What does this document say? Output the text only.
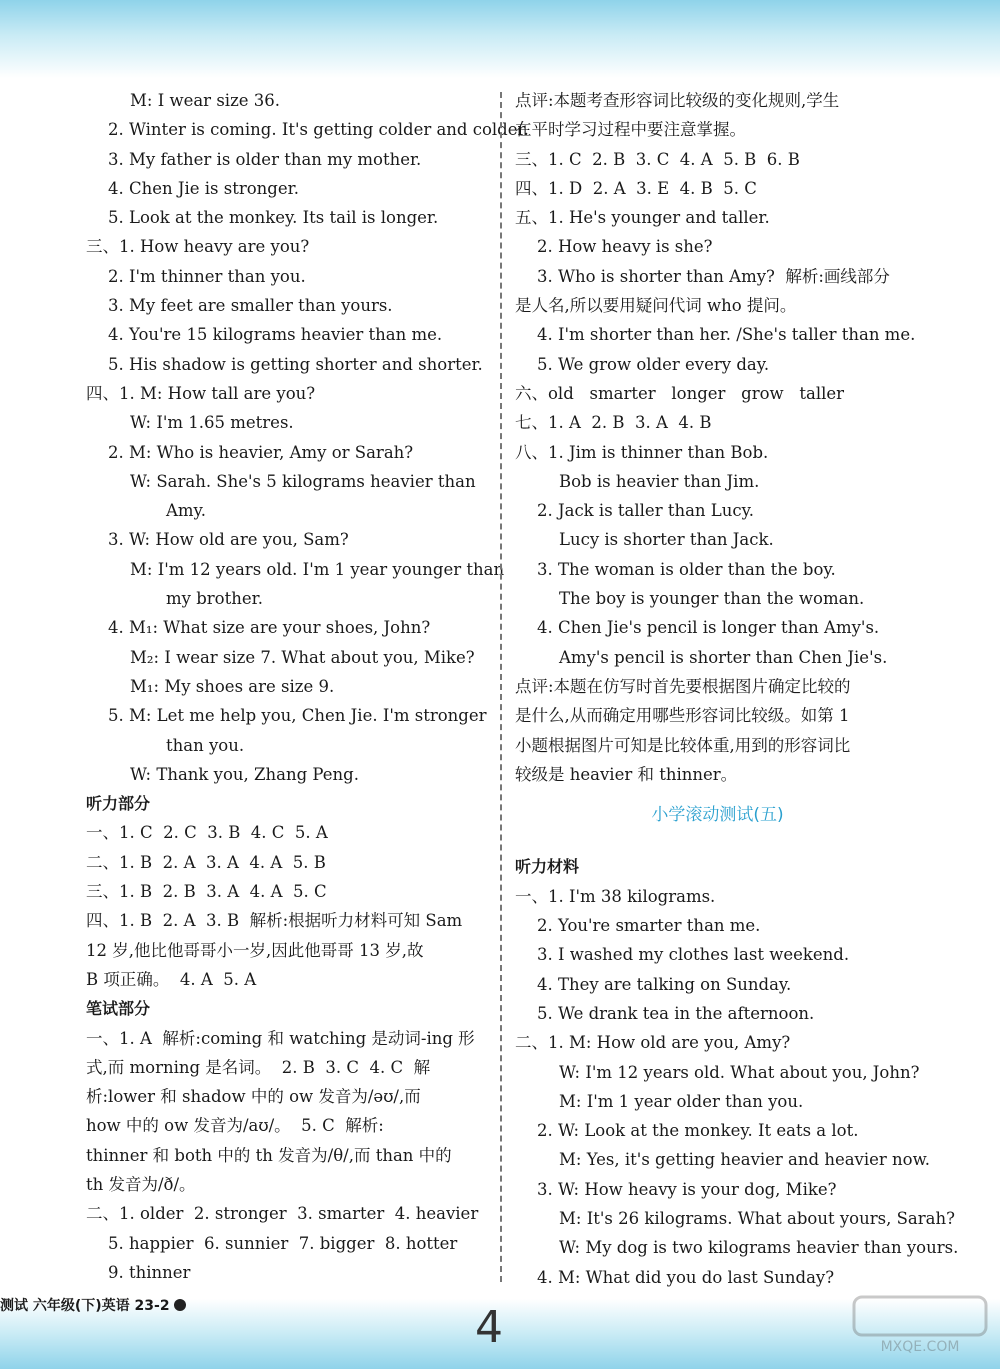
M: I wear size 36.
2. Winter is coming. It's getting colder and colder.
3. My father is older than my mother.
4. Chen Jie is stronger.
5. Look at the monkey. Its tail is longer.
三、1. How heavy are you?
2. I'm thinner than you.
3. My feet are smaller than yours.
4. You're 15 kilograms heavier than me.
5. His shadow is getting shorter and shorter.
四、1. M: How tall are you?
W: I'm 1.65 metres.
2. M: Who is heavier, Amy or Sarah?
W: Sarah. She's 5 kilograms heavier than
Amy.
3. W: How old are you, Sam?
M: I'm 12 years old. I'm 1 year younger than
my brother.
4. M₁: What size are your shoes, John?
M₂: I wear size 7. What about you, Mike?
M₁: My shoes are size 9.
5. M: Let me help you, Chen Jie. I'm stronger
than you.
W: Thank you, Zhang Peng.
听力部分
一、1. C  2. C  3. B  4. C  5. A
二、1. B  2. A  3. A  4. A  5. B
三、1. B  2. B  3. A  4. A  5. C
四、1. B  2. A  3. B  解析:根据听力材料可知 Sam
12 岁,他比他哥哥小一岁,因此他哥哥 13 岁,故
B 项正确。  4. A  5. A
笔试部分
一、1. A  解析:coming 和 watching 是动词-ing 形
式,而 morning 是名词。  2. B  3. C  4. C  解
析:lower 和 shadow 中的 ow 发音为/əʊ/,而
how 中的 ow 发音为/aʊ/。  5. C  解析:
thinner 和 both 中的 th 发音为/θ/,而 than 中的
th 发音为/ð/。
二、1. older  2. stronger  3. smarter  4. heavier
5. happier  6. sunnier  7. bigger  8. hotter
9. thinner
点评:本题考查形容词比较级的变化规则,学生
在平时学习过程中要注意掌握。
三、1. C  2. B  3. C  4. A  5. B  6. B
四、1. D  2. A  3. E  4. B  5. C
五、1. He's younger and taller.
2. How heavy is she?
3. Who is shorter than Amy?  解析:画线部分
是人名,所以要用疑问代词 who 提问。
4. I'm shorter than her. /She's taller than me.
5. We grow older every day.
六、old   smarter   longer   grow   taller
七、1. A  2. B  3. A  4. B
八、1. Jim is thinner than Bob.
Bob is heavier than Jim.
2. Jack is taller than Lucy.
Lucy is shorter than Jack.
3. The woman is older than the boy.
The boy is younger than the woman.
4. Chen Jie's pencil is longer than Amy's.
Amy's pencil is shorter than Chen Jie's.
点评:本题在仿写时首先要根据图片确定比较的
是什么,从而确定用哪些形容词比较级。如第 1
小题根据图片可知是比较体重,用到的形容词比
较级是 heavier 和 thinner。
小学滚动测试(五)
听力材料
一、1. I'm 38 kilograms.
2. You're smarter than me.
3. I washed my clothes last weekend.
4. They are talking on Sunday.
5. We drank tea in the afternoon.
二、1. M: How old are you, Amy?
W: I'm 12 years old. What about you, John?
M: I'm 1 year older than you.
2. W: Look at the monkey. It eats a lot.
M: Yes, it's getting heavier and heavier now.
3. W: How heavy is your dog, Mike?
M: It's 26 kilograms. What about yours, Sarah?
W: My dog is two kilograms heavier than yours.
4. M: What did you do last Sunday?
测试 六年级(下)英语 23-2	4	MXQE.COM
